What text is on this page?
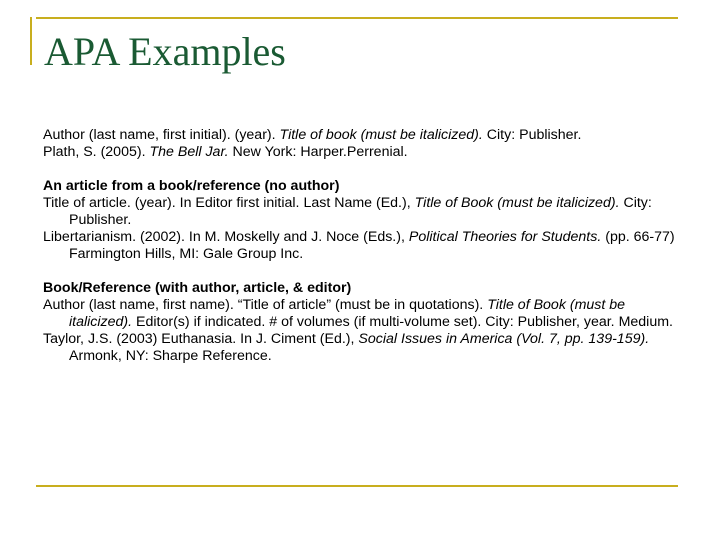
APA Examples

Author (last name, first initial). (year). Title of book (must be italicized). City: Publisher.

Plath, S. (2005). The Bell Jar. New York: Harper.Perrenial.

An article from a book/reference (no author)

Title of article. (year). In Editor first initial. Last Name (Ed.), Title of Book (must be italicized). City: Publisher.

Libertarianism. (2002). In M. Moskelly and J. Noce (Eds.), Political Theories for Students. (pp. 66-77) Farmington Hills, MI: Gale Group Inc.

Book/Reference (with author, article, & editor)

Author (last name, first name). “Title of article” (must be in quotations). Title of Book (must be italicized). Editor(s) if indicated. # of volumes (if multi-volume set). City: Publisher, year. Medium.

Taylor, J.S. (2003) Euthanasia. In J. Ciment (Ed.), Social Issues in America (Vol. 7, pp. 139-159). Armonk, NY: Sharpe Reference.
